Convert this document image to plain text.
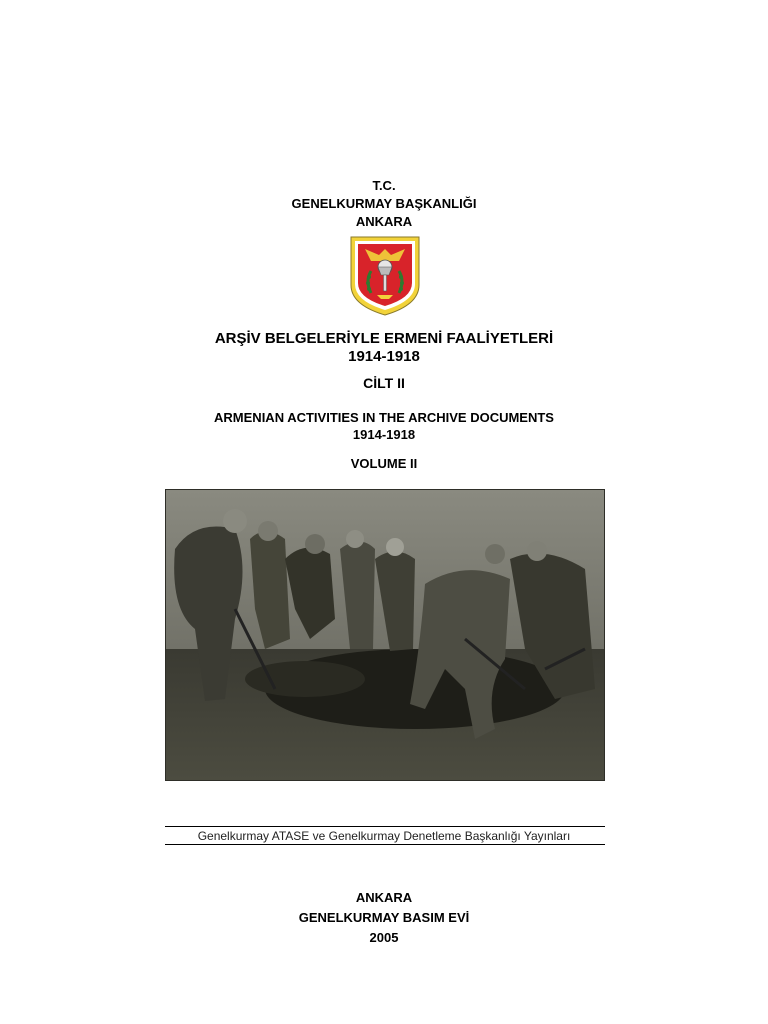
T.C.
GENELKURMAY BAŞKANLIĞI
ANKARA
ARŞİV BELGELERİYLE ERMENİ FAALİYETLERİ
1914-1918
CİLT II
ARMENIAN ACTIVITIES IN THE ARCHIVE DOCUMENTS
1914-1918
VOLUME II
Genelkurmay ATASE ve Genelkurmay Denetleme Başkanlığı Yayınları
ANKARA
GENELKURMAY BASIM EVİ
2005
